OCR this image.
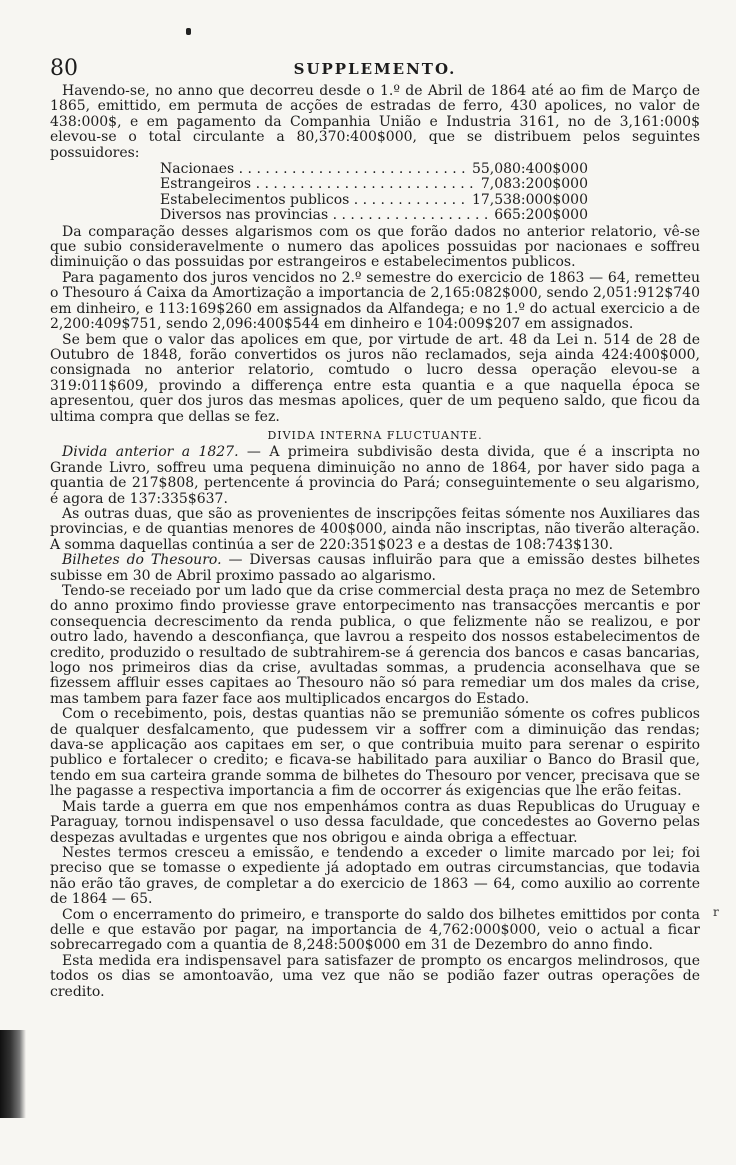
80	SUPPLEMENTO.

Havendo-se, no anno que decorreu desde o 1.º de Abril de 1864 até ao fim de Março de 1865, emittido, em permuta de acções de estradas de ferro, 430 apolices, no valor de 438:000$, e em pagamento da Companhia União e Industria 3161, no de 3,161:000$ elevou-se o total circulante a 80,370:400$000, que se distribuem pelos seguintes possuidores:

Nacionaes . . .	55,080:400$000
Estrangeiros . . .	7,083:200$000
Estabelecimentos publicos . . .	17,538:000$000
Diversos nas provincias . . .	665:200$000

Da comparação desses algarismos com os que forão dados no anterior relatorio, vê-se que subio consideravelmente o numero das apolices possuidas por nacionaes e soffreu diminuição o das possuidas por estrangeiros e estabelecimentos publicos.

Para pagamento dos juros vencidos no 2.º semestre do exercicio de 1863 — 64, remetteu o Thesouro á Caixa da Amortização a importancia de 2,165:082$000, sendo 2,051:912$740 em dinheiro, e 113:169$260 em assignados da Alfandega; e no 1.º do actual exercicio a de 2,200:409$751, sendo 2,096:400$544 em dinheiro e 104:009$207 em assignados.

Se bem que o valor das apolices em que, por virtude de art. 48 da Lei n. 514 de 28 de Outubro de 1848, forão convertidos os juros não reclamados, seja ainda 424:400$000, consignada no anterior relatorio, comtudo o lucro dessa operação elevou-se a 319:011$609, provindo a differença entre esta quantia e a que naquella época se apresentou, quer dos juros das mesmas apolices, quer de um pequeno saldo, que ficou da ultima compra que dellas se fez.

DIVIDA INTERNA FLUCTUANTE.

Divida anterior a 1827. — A primeira subdivisão desta divida, que é a inscripta no Grande Livro, soffreu uma pequena diminuição no anno de 1864, por haver sido paga a quantia de 217$808, pertencente á provincia do Pará; conseguintemente o seu algarismo, é agora de 137:335$637.

As outras duas, que são as provenientes de inscripções feitas sómente nos Auxiliares das provincias, e de quantias menores de 400$000, ainda não inscriptas, não tiverão alteração. A somma daquellas continúa a ser de 220:351$023 e a destas de 108:743$130.

Bilhetes do Thesouro. — Diversas causas influirão para que a emissão destes bilhetes subisse em 30 de Abril proximo passado ao algarismo.

Tendo-se receiado por um lado que da crise commercial desta praça no mez de Setembro do anno proximo findo proviesse grave entorpecimento nas transacções mercantis e por consequencia decrescimento da renda publica, o que felizmente não se realizou, e por outro lado, havendo a desconfiança, que lavrou a respeito dos nossos estabelecimentos de credito, produzido o resultado de subtrahirem-se á gerencia dos bancos e casas bancarias, logo nos primeiros dias da crise, avultadas sommas, a prudencia aconselhava que se fizessem affluir esses capitaes ao Thesouro não só para remediar um dos males da crise, mas tambem para fazer face aos multiplicados encargos do Estado.

Com o recebimento, pois, destas quantias não se premunião sómente os cofres publicos de qualquer desfalcamento, que pudessem vir a soffrer com a diminuição das rendas; dava-se applicação aos capitaes em ser, o que contribuia muito para serenar o espirito publico e fortalecer o credito; e ficava-se habilitado para auxiliar o Banco do Brasil que, tendo em sua carteira grande somma de bilhetes do Thesouro por vencer, precisava que se lhe pagasse a respectiva importancia a fim de occorrer ás exigencias que lhe erão feitas.

Mais tarde a guerra em que nos empenhámos contra as duas Republicas do Uruguay e Paraguay, tornou indispensavel o uso dessa faculdade, que concedestes ao Governo pelas despezas avultadas e urgentes que nos obrigou e ainda obriga a effectuar.

Nestes termos cresceu a emissão, e tendendo a exceder o limite marcado por lei; foi preciso que se tomasse o expediente já adoptado em outras circumstancias, que todavia não erão tão graves, de completar a do exercicio de 1863 — 64, como auxilio ao corrente de 1864 — 65.

Com o encerramento do primeiro, e transporte do saldo dos bilhetes emittidos por conta delle e que estavão por pagar, na importancia de 4,762:000$000, veio o actual a ficar sobrecarregado com a quantia de 8,248:500$000 em 31 de Dezembro do anno findo.

Esta medida era indispensavel para satisfazer de prompto os encargos melindrosos, que todos os dias se amontoavão, uma vez que não se podião fazer outras operações de credito.

r
